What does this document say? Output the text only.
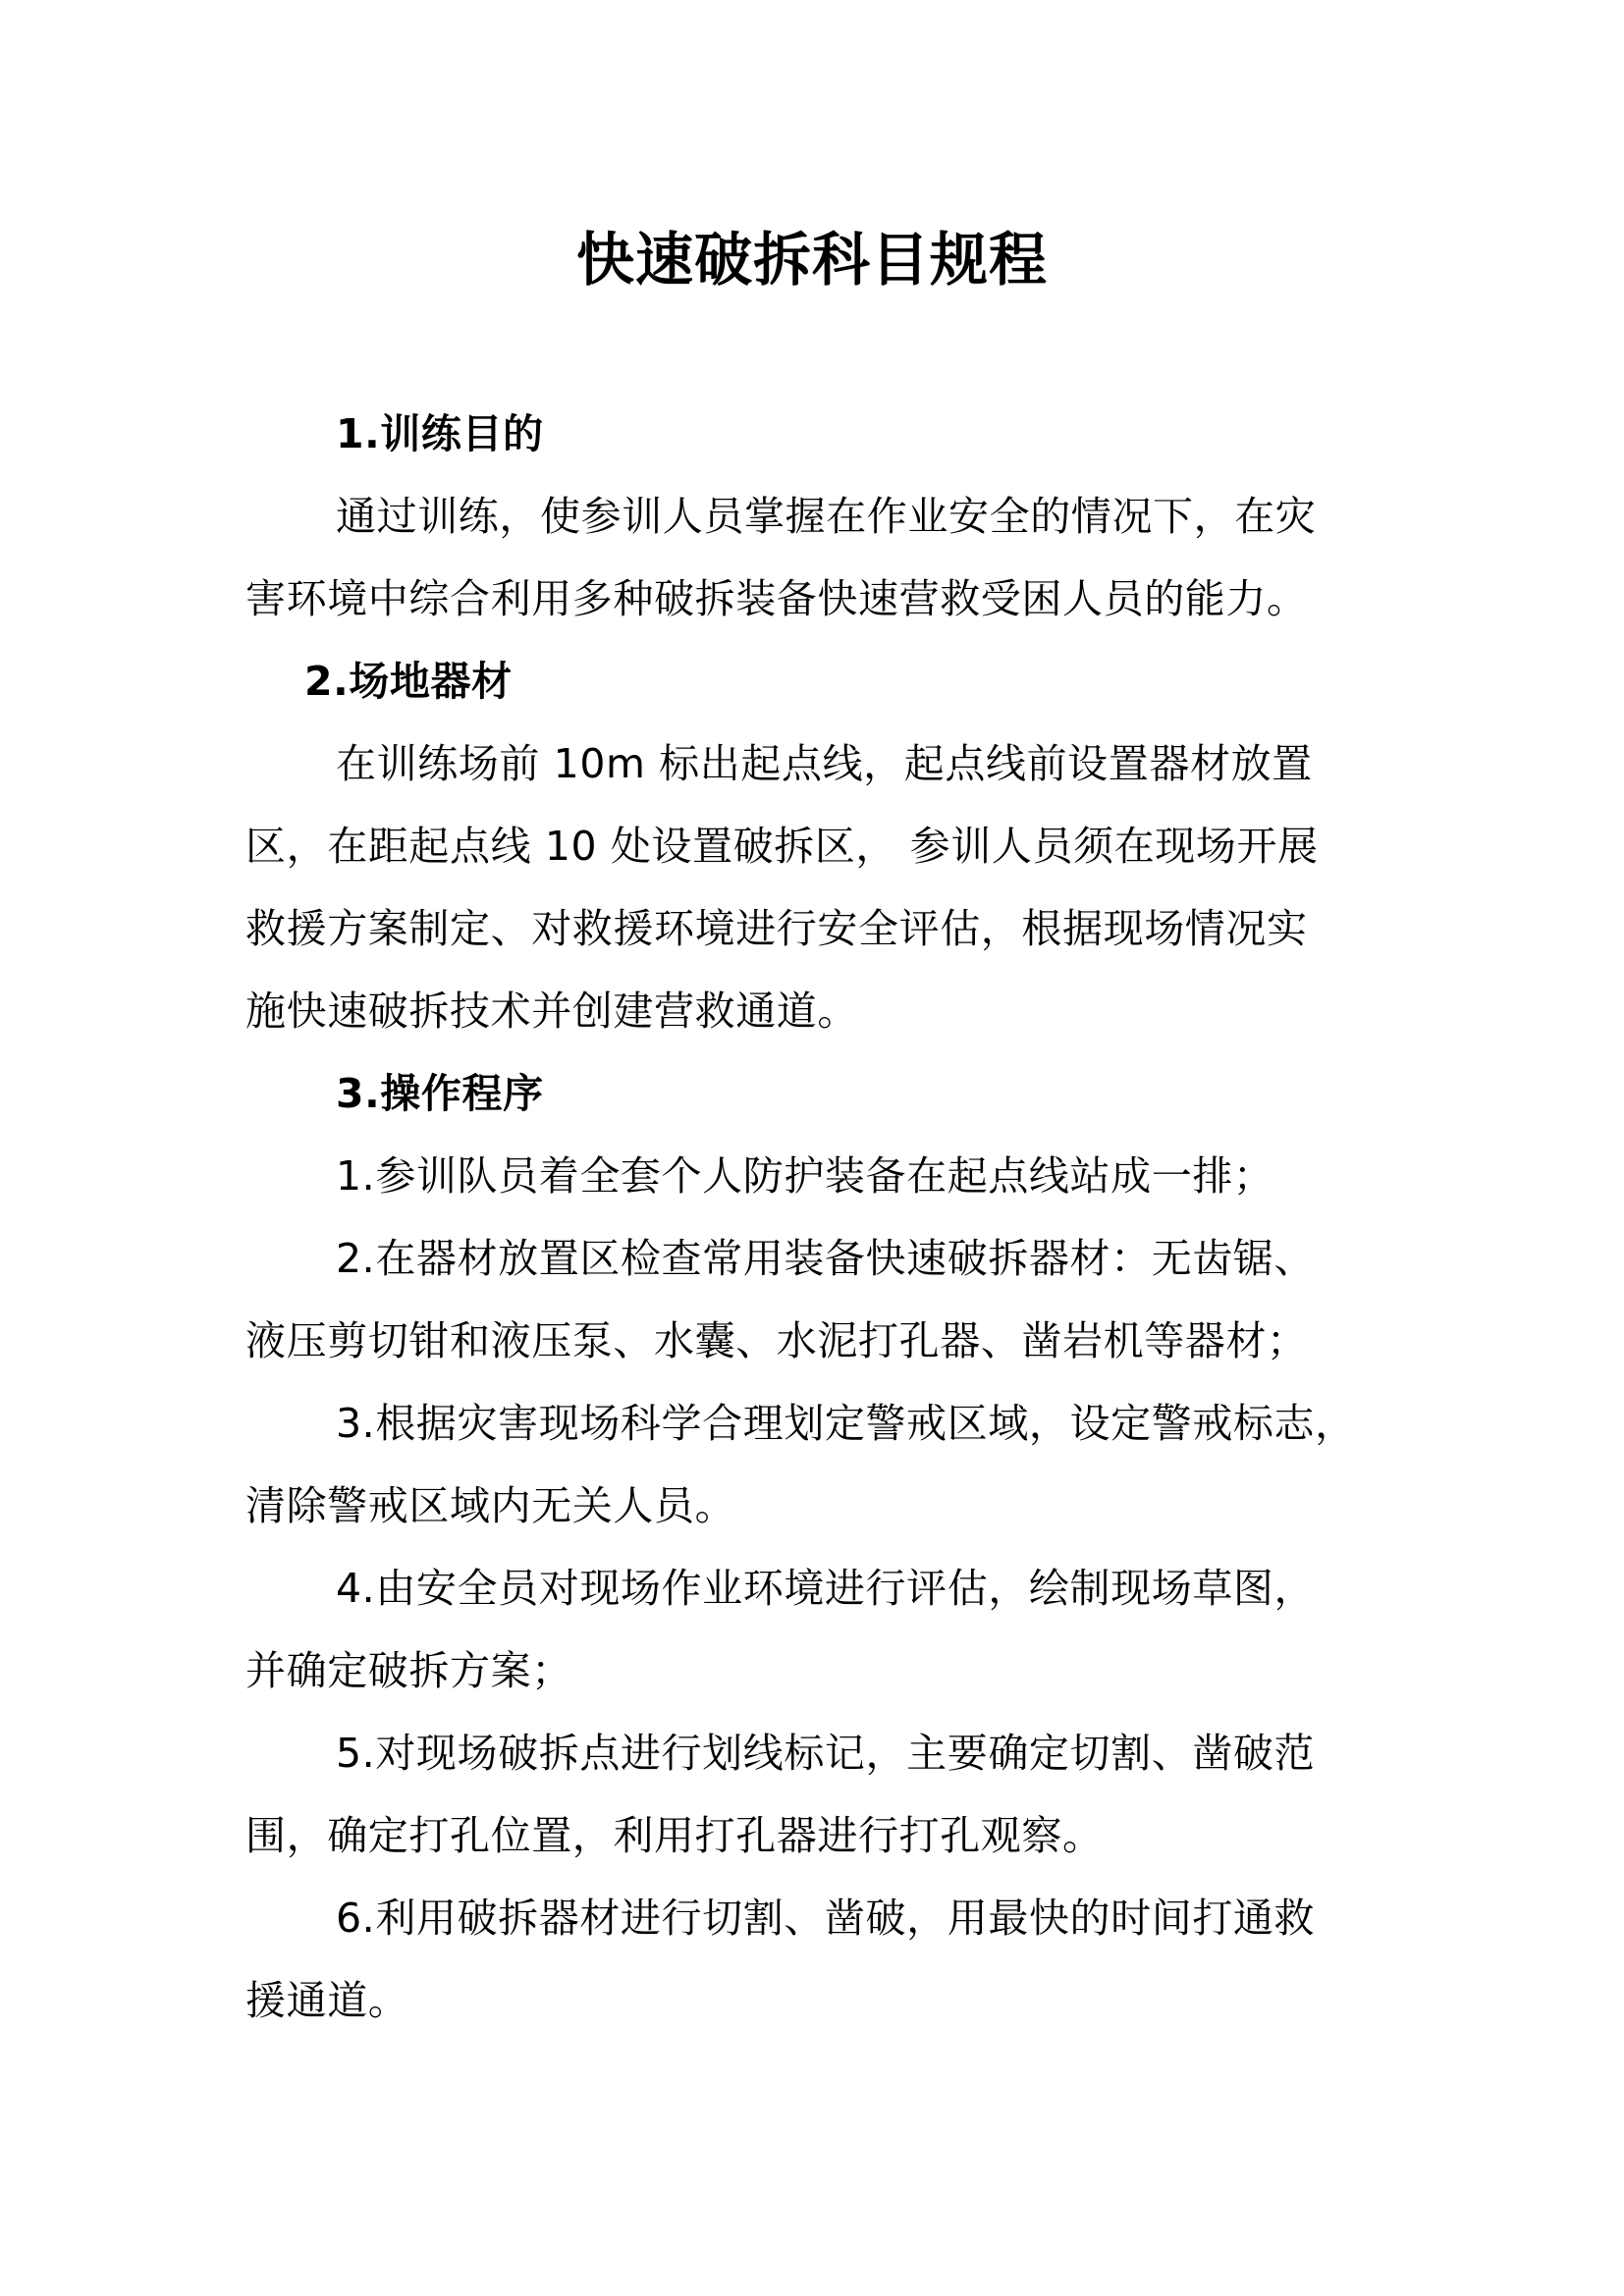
快速破拆科目规程

1.训练目的

通过训练，使参训人员掌握在作业安全的情况下，在灾

害环境中综合利用多种破拆装备快速营救受困人员的能力。

2.场地器材

在训练场前 10m 标出起点线，起点线前设置器材放置

区，在距起点线 10 处设置破拆区， 参训人员须在现场开展

救援方案制定、对救援环境进行安全评估，根据现场情况实

施快速破拆技术并创建营救通道。

3.操作程序

1.参训队员着全套个人防护装备在起点线站成一排；

2.在器材放置区检查常用装备快速破拆器材：无齿锯、

液压剪切钳和液压泵、水囊、水泥打孔器、凿岩机等器材；

3.根据灾害现场科学合理划定警戒区域，设定警戒标志，

清除警戒区域内无关人员。

4.由安全员对现场作业环境进行评估，绘制现场草图，

并确定破拆方案；

5.对现场破拆点进行划线标记，主要确定切割、凿破范

围，确定打孔位置，利用打孔器进行打孔观察。

6.利用破拆器材进行切割、凿破，用最快的时间打通救

援通道。
